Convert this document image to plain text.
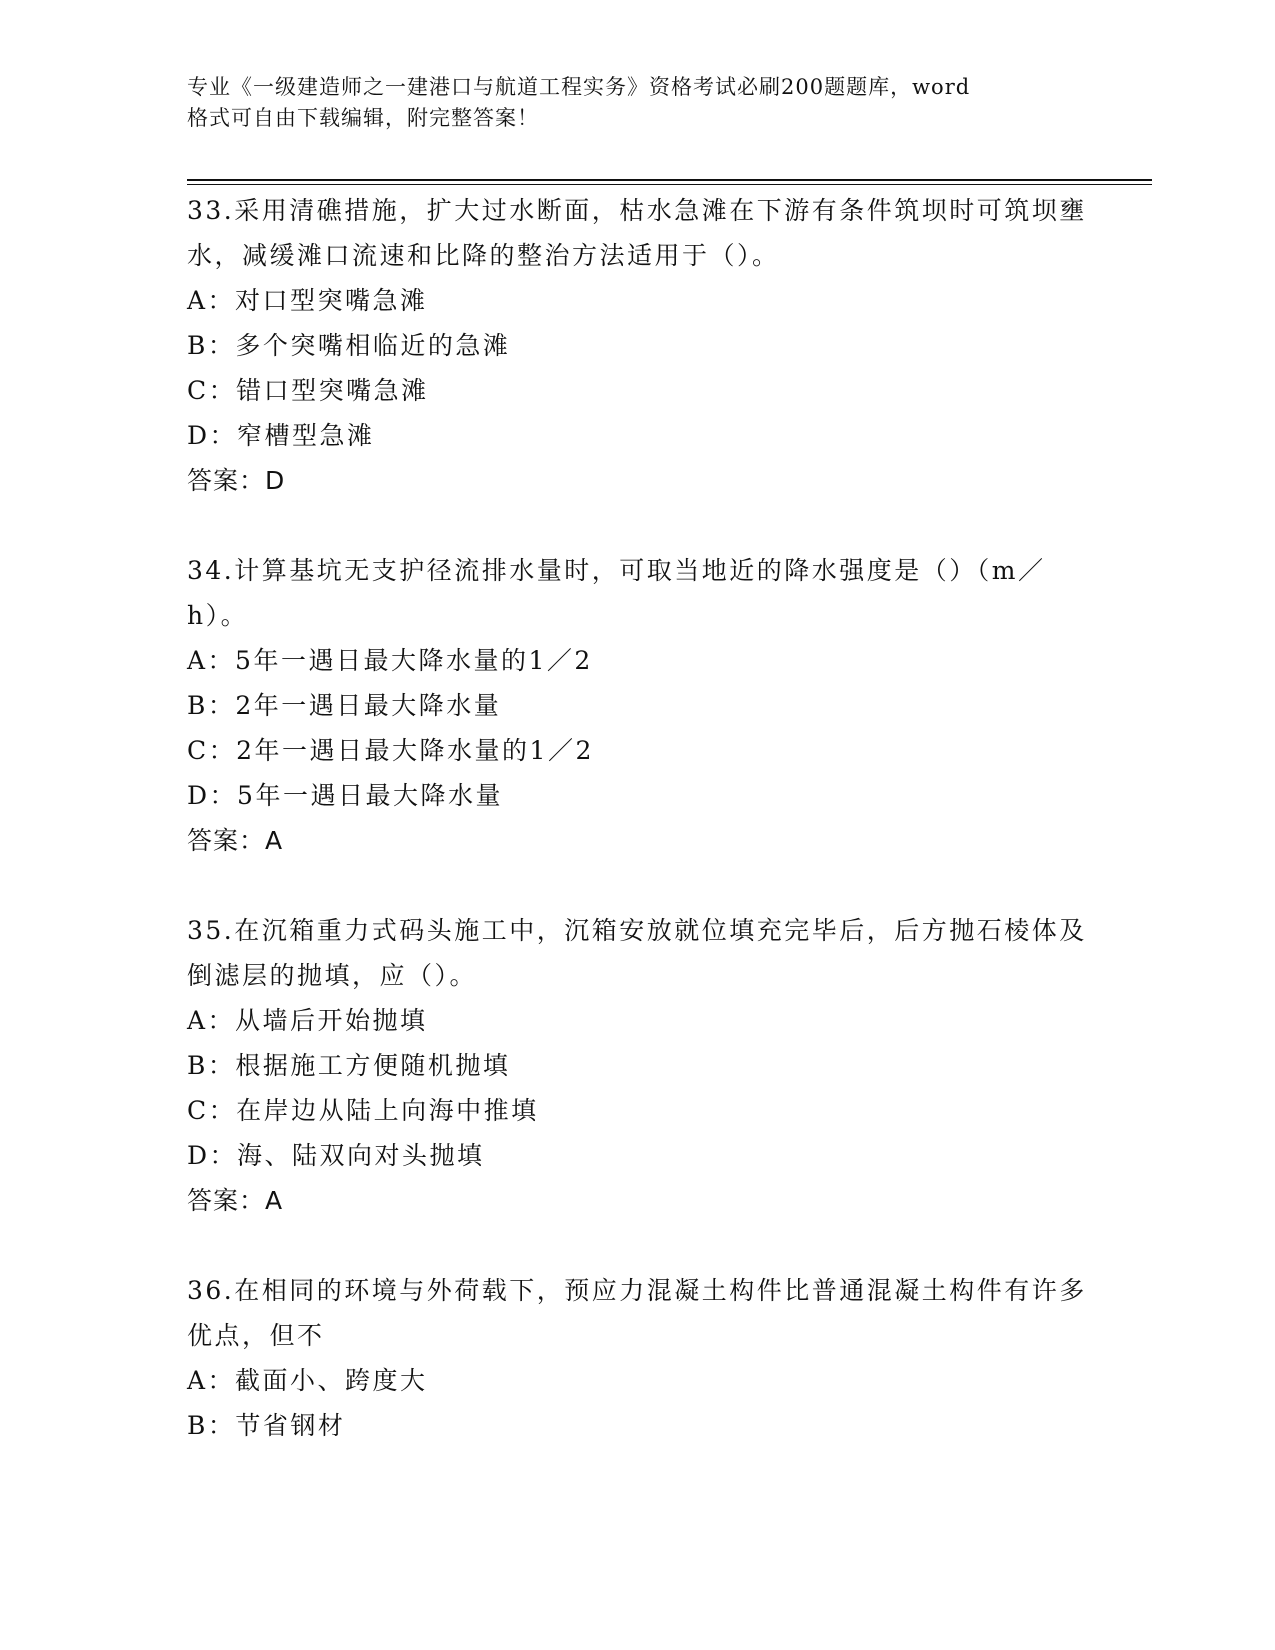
专业《一级建造师之一建港口与航道工程实务》资格考试必刷200题题库，word
格式可自由下载编辑，附完整答案！
33.采用清礁措施，扩大过水断面，枯水急滩在下游有条件筑坝时可筑坝壅水，减缓滩口流速和比降的整治方法适用于（）。
A：对口型突嘴急滩
B：多个突嘴相临近的急滩
C：错口型突嘴急滩
D：窄槽型急滩
答案：D
34.计算基坑无支护径流排水量时，可取当地近的降水强度是（）（m／h）。
A：5年一遇日最大降水量的1／2
B：2年一遇日最大降水量
C：2年一遇日最大降水量的1／2
D：5年一遇日最大降水量
答案：A
35.在沉箱重力式码头施工中，沉箱安放就位填充完毕后，后方抛石棱体及倒滤层的抛填，应（）。
A：从墙后开始抛填
B：根据施工方便随机抛填
C：在岸边从陆上向海中推填
D：海、陆双向对头抛填
答案：A
36.在相同的环境与外荷载下，预应力混凝土构件比普通混凝土构件有许多优点，但不
A：截面小、跨度大
B：节省钢材
